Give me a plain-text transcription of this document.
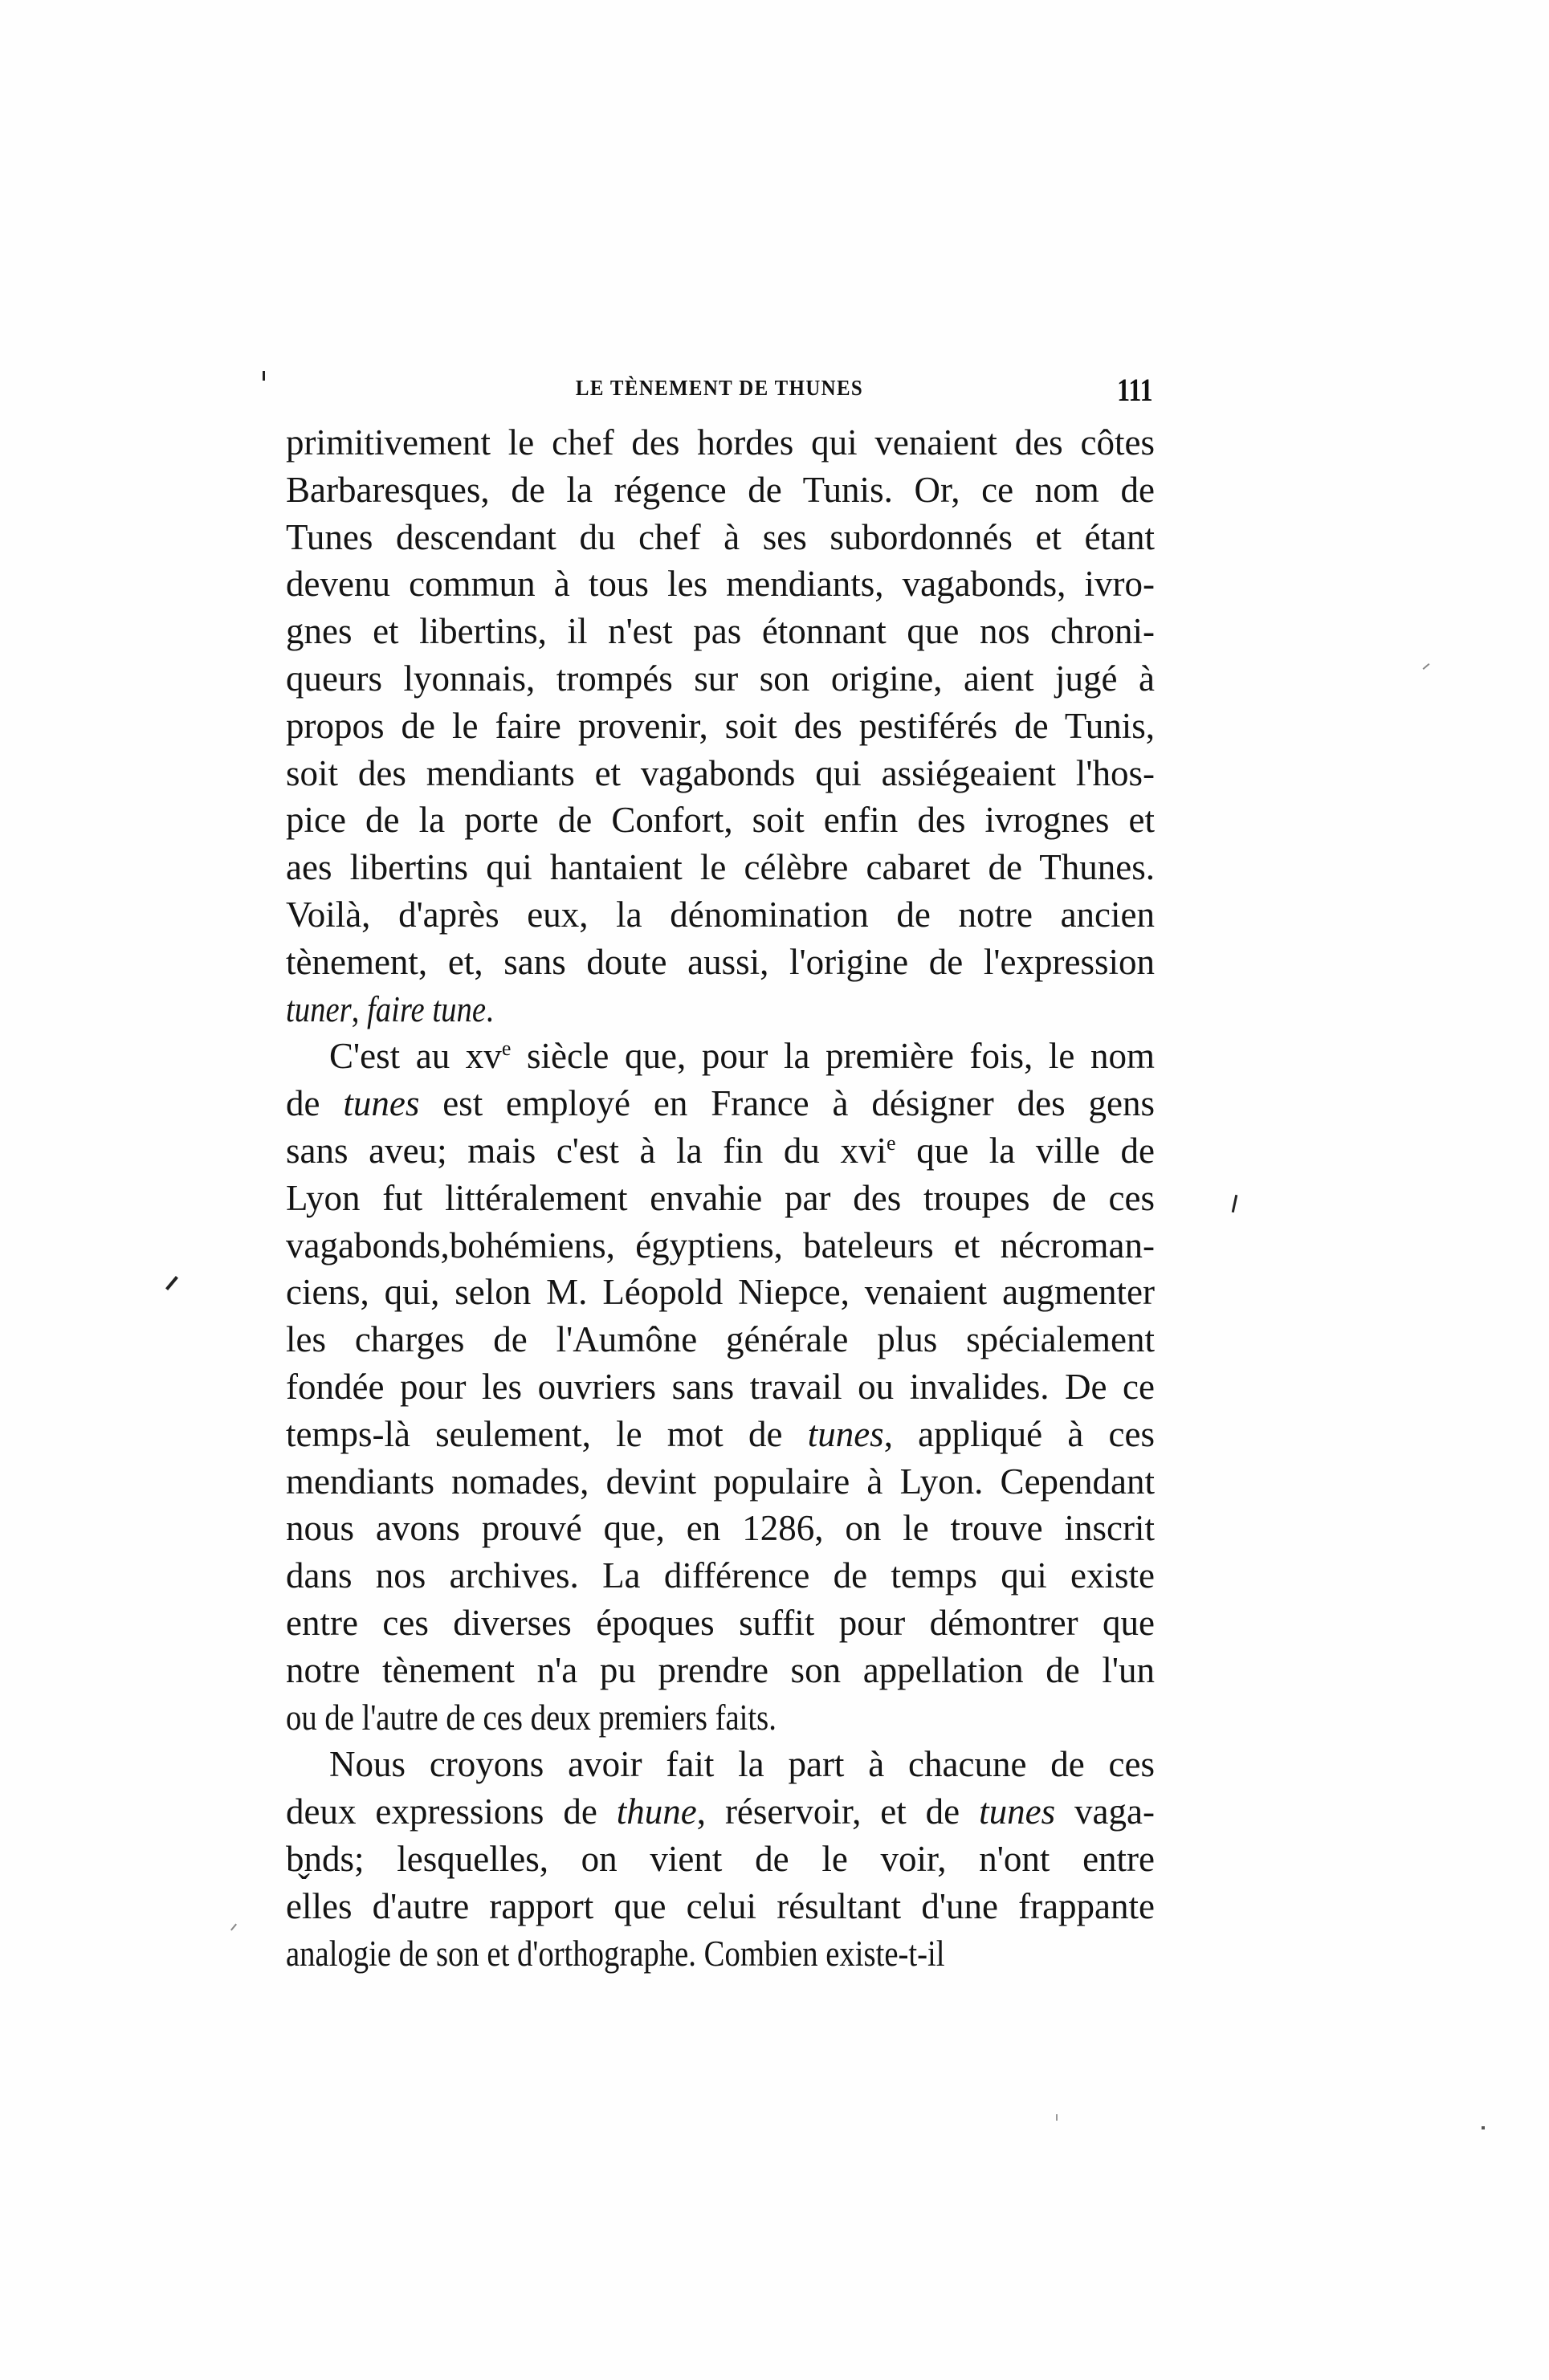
LE TÈNEMENT DE THUNES	111
primitivement le chef des hordes qui venaient des côtes
Barbaresques, de la régence de Tunis. Or, ce nom de
Tunes descendant du chef à ses subordonnés et étant
devenu commun à tous les mendiants, vagabonds, ivro-
gnes et libertins, il n'est pas étonnant que nos chroni-
queurs lyonnais, trompés sur son origine, aient jugé à
propos de le faire provenir, soit des pestiférés de Tunis,
soit des mendiants et vagabonds qui assiégeaient l'hos-
pice de la porte de Confort, soit enfin des ivrognes et
aes libertins qui hantaient le célèbre cabaret de Thunes.
Voilà, d'après eux, la dénomination de notre ancien
tènement, et, sans doute aussi, l'origine de l'expression
tuner, faire tune.
C'est au $xv^e$ siècle que, pour la première fois, le nom
de tunes est employé en France à désigner des gens
sans aveu; mais c'est à la fin du xvi$^e$ que la ville de
Lyon fut littéralement envahie par des troupes de ces
vagabonds,bohémiens, égyptiens, bateleurs et nécroman-
ciens, qui, selon M. Léopold Niepce, venaient augmenter
les charges de l'Aumône générale plus spécialement
fondée pour les ouvriers sans travail ou invalides. De ce
temps-là seulement, le mot de tunes, appliqué à ces
mendiants nomades, devint populaire à Lyon. Cependant
nous avons prouvé que, en 1286, on le trouve inscrit
dans nos archives. La différence de temps qui existe
entre ces diverses époques suffit pour démontrer que
notre tènement n'a pu prendre son appellation de l'un
ou de l'autre de ces deux premiers faits.
Nous croyons avoir fait la part à chacune de ces
deux expressions de thune, réservoir, et de tunes vaga-
b̬nds; lesquelles, on vient de le voir, n'ont entre
elles d'autre rapport que celui résultant d'une frappante
analogie de son et d'orthographe. Combien existe-t-il
